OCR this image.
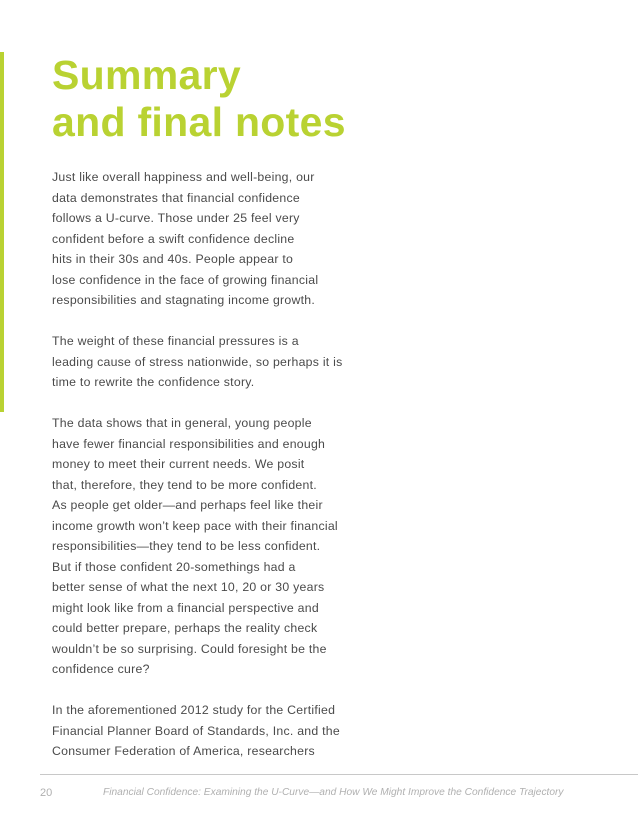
Summary
and final notes

Just like overall happiness and well-being, our
data demonstrates that financial confidence
follows a U-curve. Those under 25 feel very
confident before a swift confidence decline
hits in their 30s and 40s. People appear to
lose confidence in the face of growing financial
responsibilities and stagnating income growth.

The weight of these financial pressures is a
leading cause of stress nationwide, so perhaps it is
time to rewrite the confidence story.

The data shows that in general, young people
have fewer financial responsibilities and enough
money to meet their current needs. We posit
that, therefore, they tend to be more confident.
As people get older—and perhaps feel like their
income growth won’t keep pace with their financial
responsibilities—they tend to be less confident.
But if those confident 20-somethings had a
better sense of what the next 10, 20 or 30 years
might look like from a financial perspective and
could better prepare, perhaps the reality check
wouldn’t be so surprising. Could foresight be the
confidence cure?

In the aforementioned 2012 study for the Certified
Financial Planner Board of Standards, Inc. and the
Consumer Federation of America, researchers

20	Financial Confidence: Examining the U-Curve—and How We Might Improve the Confidence Trajectory
